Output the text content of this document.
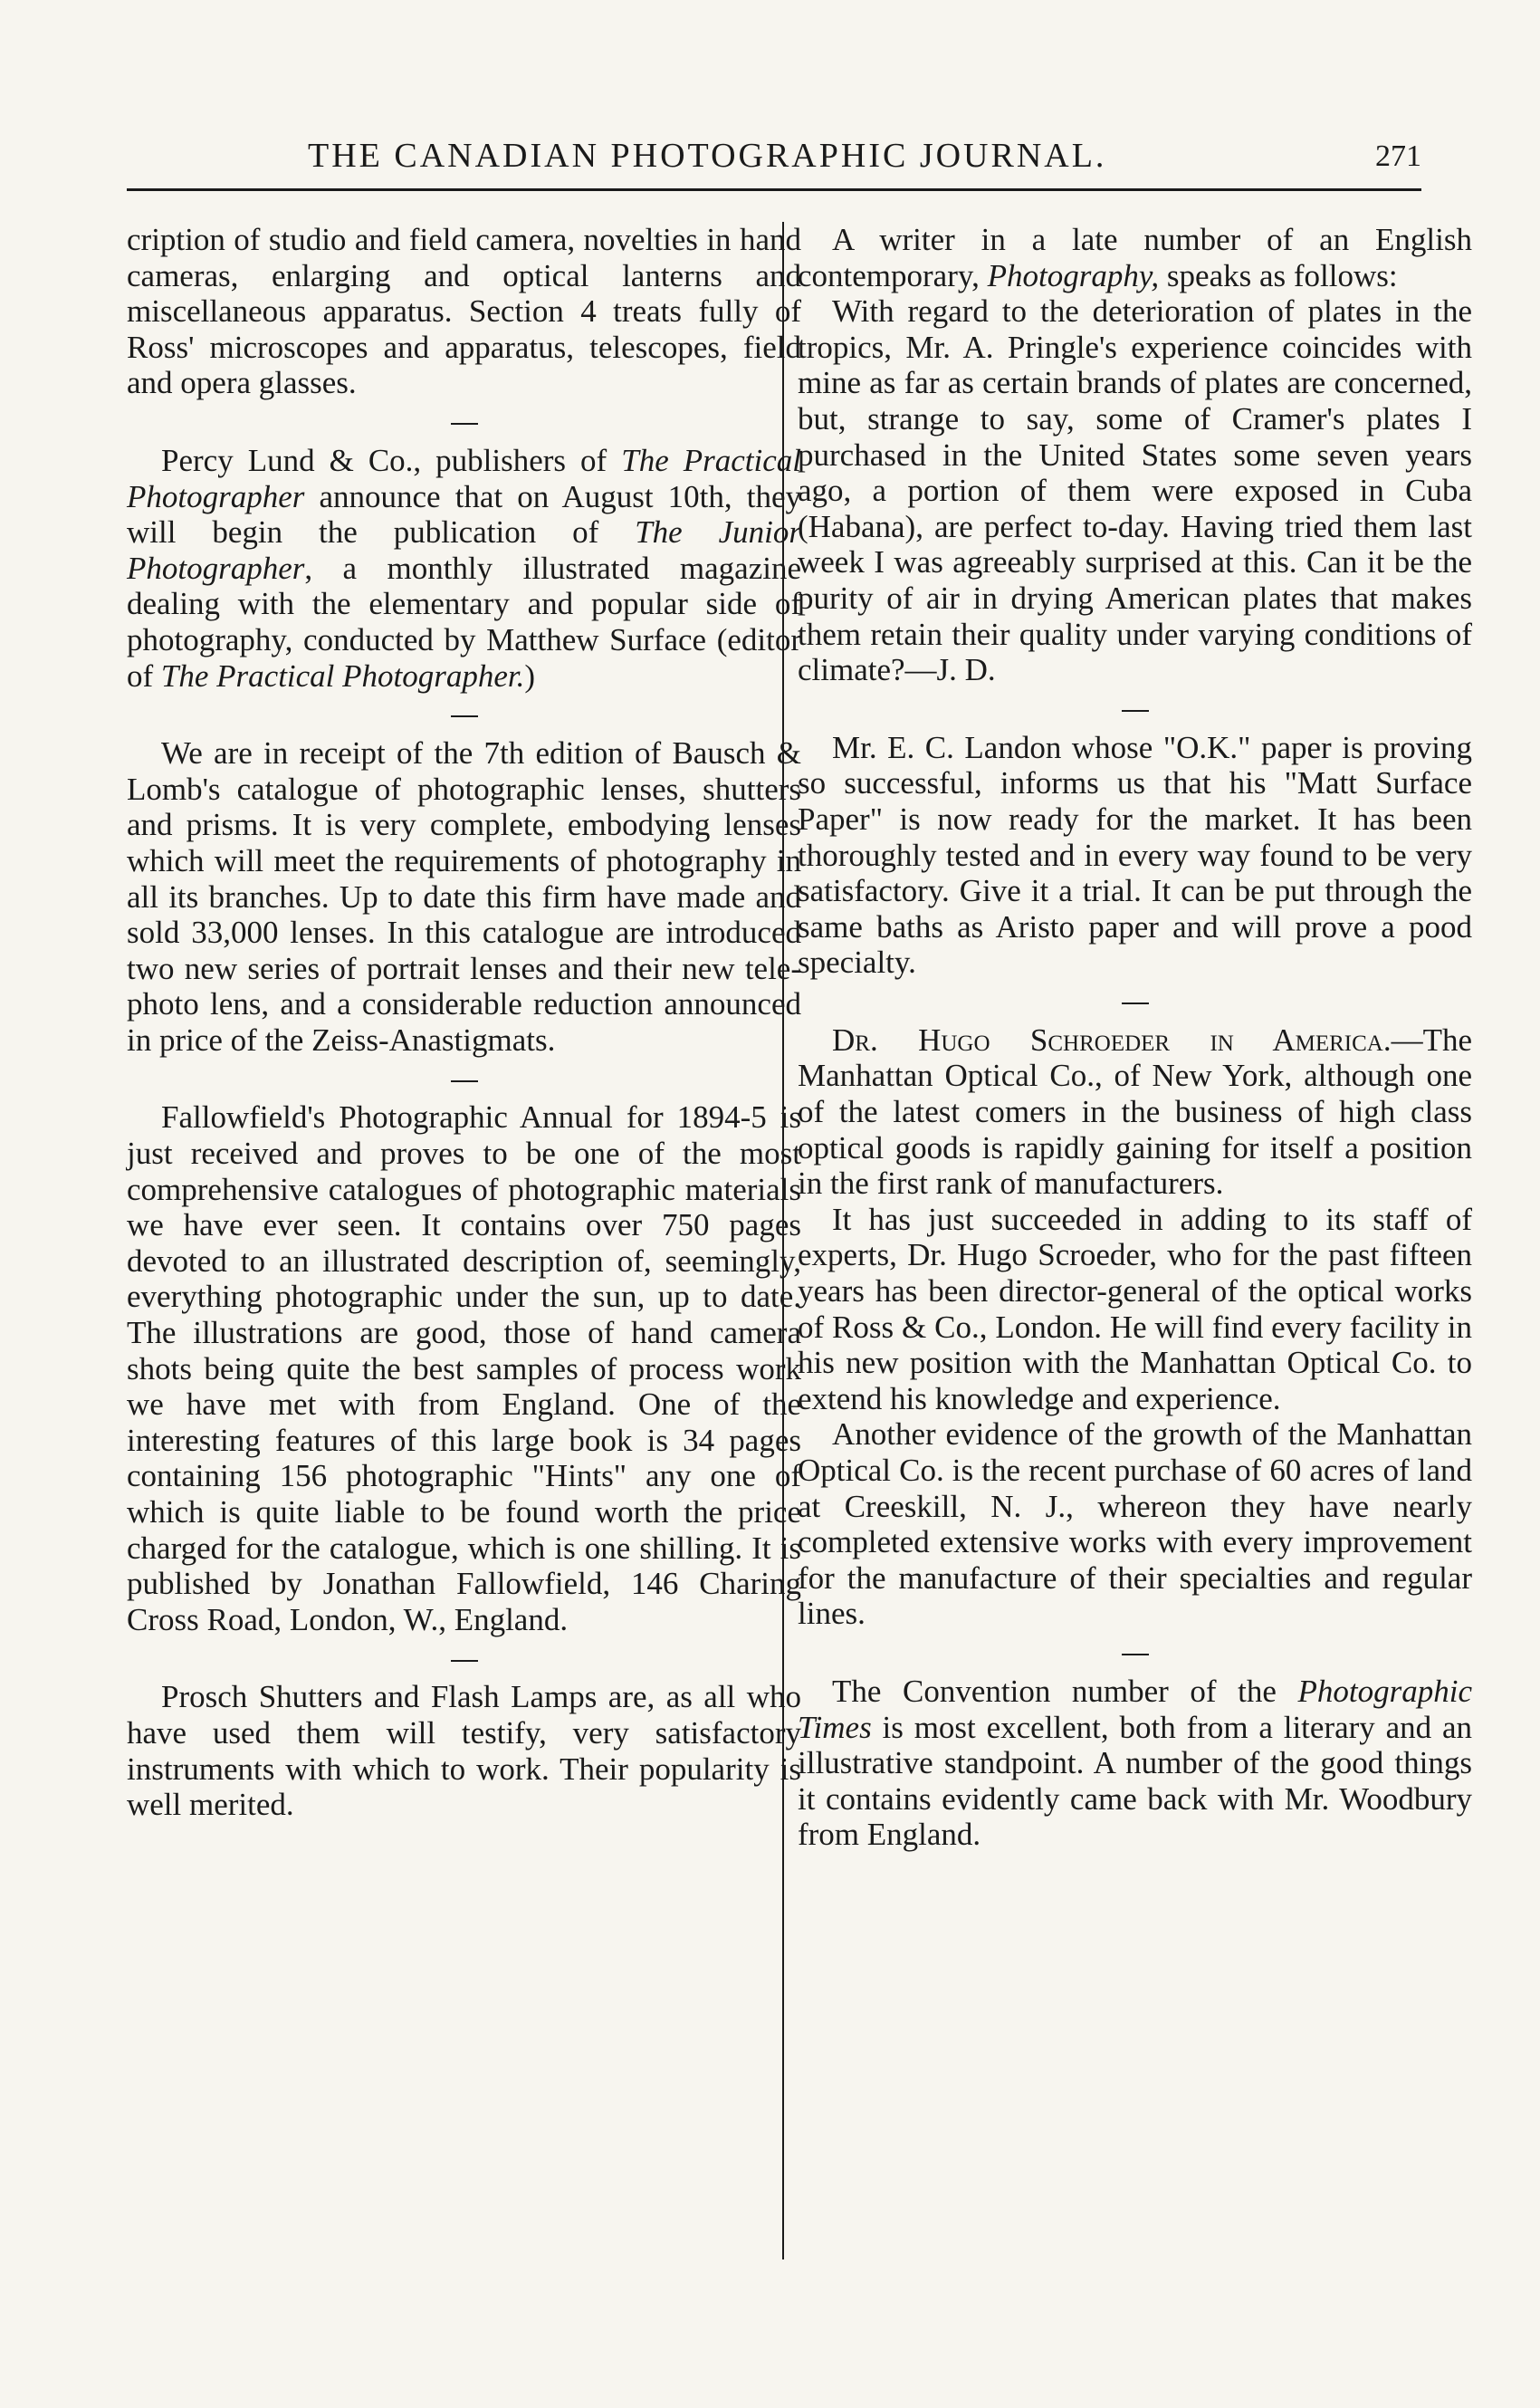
THE CANADIAN PHOTOGRAPHIC JOURNAL.	271

cription of studio and field camera, novelties in hand cameras, enlarging and optical lanterns and miscellaneous apparatus. Section 4 treats fully of Ross' microscopes and apparatus, telescopes, field and opera glasses.

Percy Lund & Co., publishers of The Practical Photographer announce that on August 10th, they will begin the publication of The Junior Photographer, a monthly illustrated magazine dealing with the elementary and popular side of photography, conducted by Matthew Surface (editor of The Practical Photographer.)

We are in receipt of the 7th edition of Bausch & Lomb's catalogue of photographic lenses, shutters and prisms. It is very complete, embodying lenses which will meet the requirements of photography in all its branches. Up to date this firm have made and sold 33,000 lenses. In this catalogue are introduced two new series of portrait lenses and their new tele-photo lens, and a considerable reduction announced in price of the Zeiss-Anastigmats.

Fallowfield's Photographic Annual for 1894-5 is just received and proves to be one of the most comprehensive catalogues of photographic materials we have ever seen. It contains over 750 pages devoted to an illustrated description of, seemingly, everything photographic under the sun, up to date. The illustrations are good, those of hand camera shots being quite the best samples of process work we have met with from England. One of the interesting features of this large book is 34 pages containing 156 photographic "Hints" any one of which is quite liable to be found worth the price charged for the catalogue, which is one shilling. It is published by Jonathan Fallowfield, 146 Charing Cross Road, London, W., England.

Prosch Shutters and Flash Lamps are, as all who have used them will testify, very satisfactory instruments with which to work. Their popularity is well merited.

A writer in a late number of an English contemporary, Photography, speaks as follows:

With regard to the deterioration of plates in the tropics, Mr. A. Pringle's experience coincides with mine as far as certain brands of plates are concerned, but, strange to say, some of Cramer's plates I purchased in the United States some seven years ago, a portion of them were exposed in Cuba (Habana), are perfect to-day. Having tried them last week I was agreeably surprised at this. Can it be the purity of air in drying American plates that makes them retain their quality under varying conditions of climate?—J. D.

Mr. E. C. Landon whose "O.K." paper is proving so successful, informs us that his "Matt Surface Paper" is now ready for the market. It has been thoroughly tested and in every way found to be very satisfactory. Give it a trial. It can be put through the same baths as Aristo paper and will prove a pood specialty.

Dr. Hugo Schroeder in America.—The Manhattan Optical Co., of New York, although one of the latest comers in the business of high class optical goods is rapidly gaining for itself a position in the first rank of manufacturers.

It has just succeeded in adding to its staff of experts, Dr. Hugo Scroeder, who for the past fifteen years has been director-general of the optical works of Ross & Co., London. He will find every facility in his new position with the Manhattan Optical Co. to extend his knowledge and experience.

Another evidence of the growth of the Manhattan Optical Co. is the recent purchase of 60 acres of land at Creeskill, N. J., whereon they have nearly completed extensive works with every improvement for the manufacture of their specialties and regular lines.

The Convention number of the Photographic Times is most excellent, both from a literary and an illustrative standpoint. A number of the good things it contains evidently came back with Mr. Woodbury from England.
